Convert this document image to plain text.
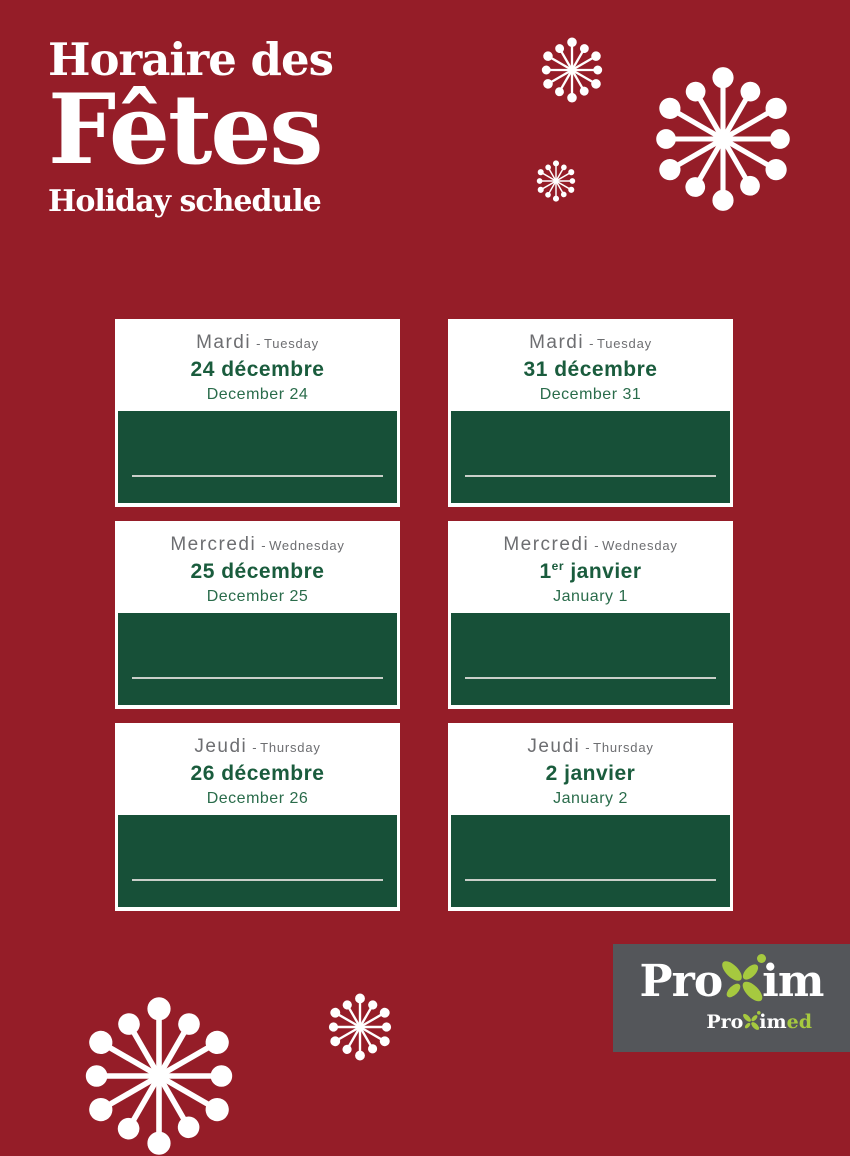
Horaire des
Fêtes
Holiday schedule
Mardi - Tuesday
24 décembre
December 24
Mardi - Tuesday
31 décembre
December 31
Mercredi - Wednesday
25 décembre
December 25
Mercredi - Wednesday
1er janvier
January 1
Jeudi - Thursday
26 décembre
December 26
Jeudi - Thursday
2 janvier
January 2
Pro im
Pro im ed
